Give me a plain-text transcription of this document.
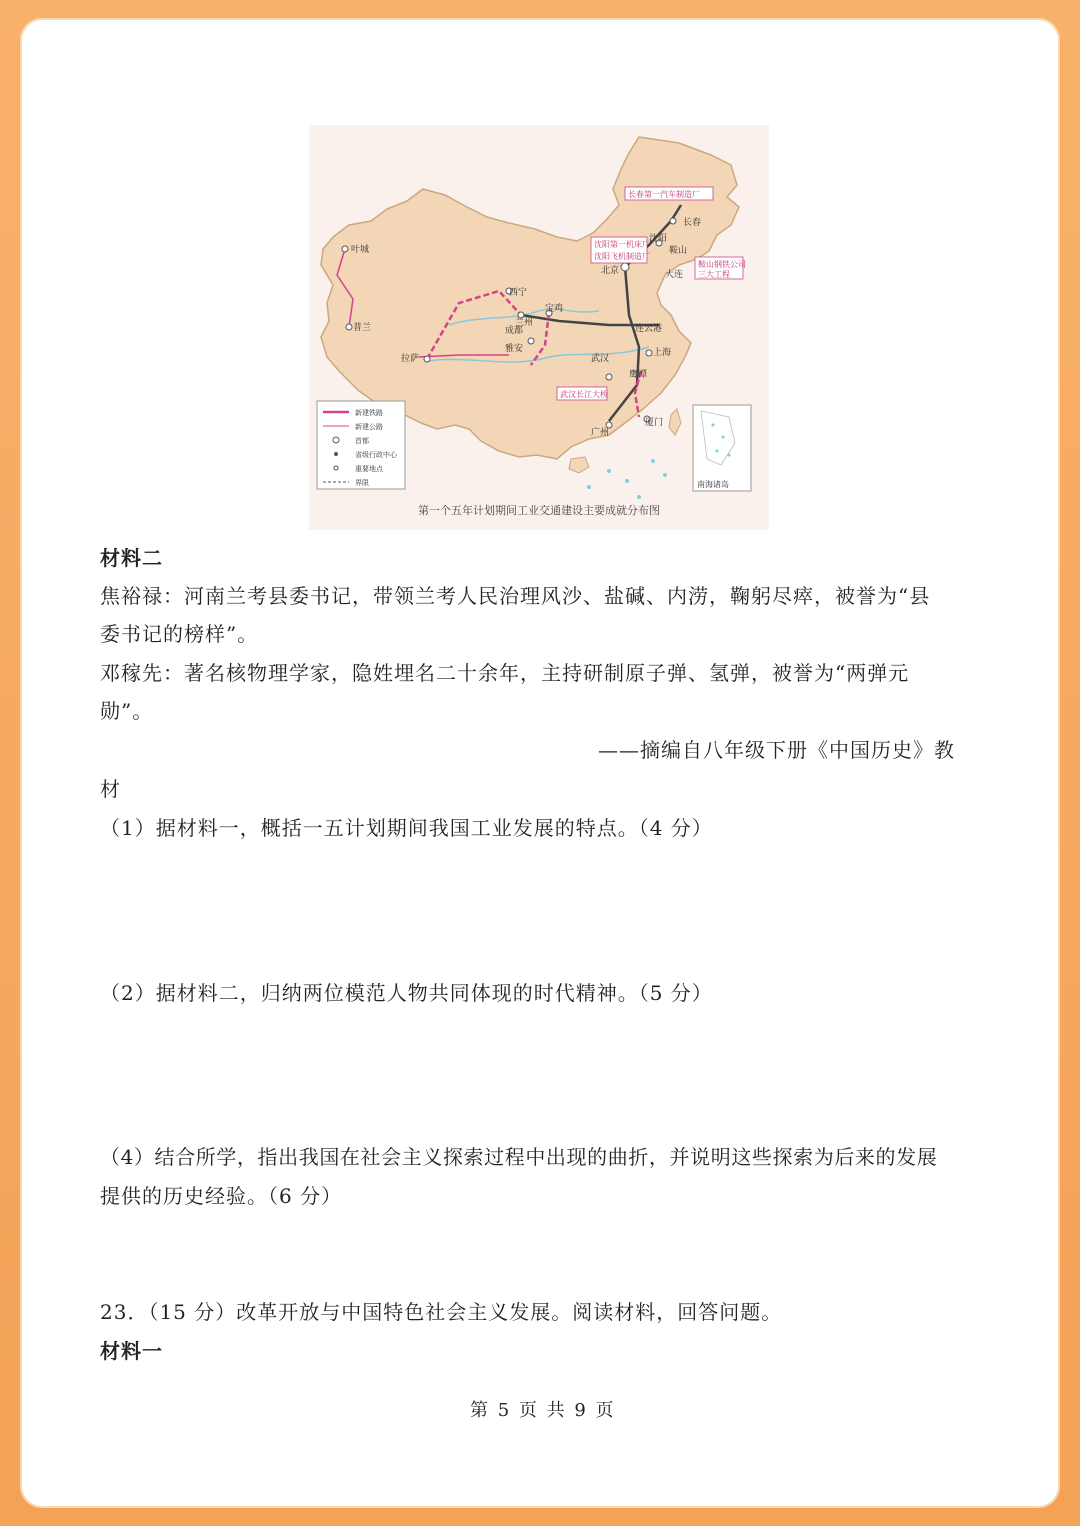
叶城
普兰
拉萨
西宁
兰州
宝鸡
成都
雅安
武汉
北京
沈阳
长春
鞍山
大连
连云港
上海
鹰潭
厦门
广州
长春第一汽车制造厂
沈阳第一机床厂
沈阳飞机制造厂
鞍山钢铁公司
三大工程
武汉长江大桥
新建铁路
新建公路
首都
省级行政中心
重要地点
界限	南海诸岛
第一个五年计划期间工业交通建设主要成就分布图
材料二
焦裕禄：河南兰考县委书记，带领兰考人民治理风沙、盐碱、内涝，鞠躬尽瘁，被誉为“县
委书记的榜样”。
邓稼先：著名核物理学家，隐姓埋名二十余年，主持研制原子弹、氢弹，被誉为“两弹元
勋”。
——摘编自八年级下册《中国历史》教
材
（1）据材料一，概括一五计划期间我国工业发展的特点。（4 分）
（2）据材料二，归纳两位模范人物共同体现的时代精神。（5 分）
（4）结合所学，指出我国在社会主义探索过程中出现的曲折，并说明这些探索为后来的发展
提供的历史经验。（6 分）
23．（15 分）改革开放与中国特色社会主义发展。阅读材料，回答问题。
材料一
第 5 页 共 9 页
